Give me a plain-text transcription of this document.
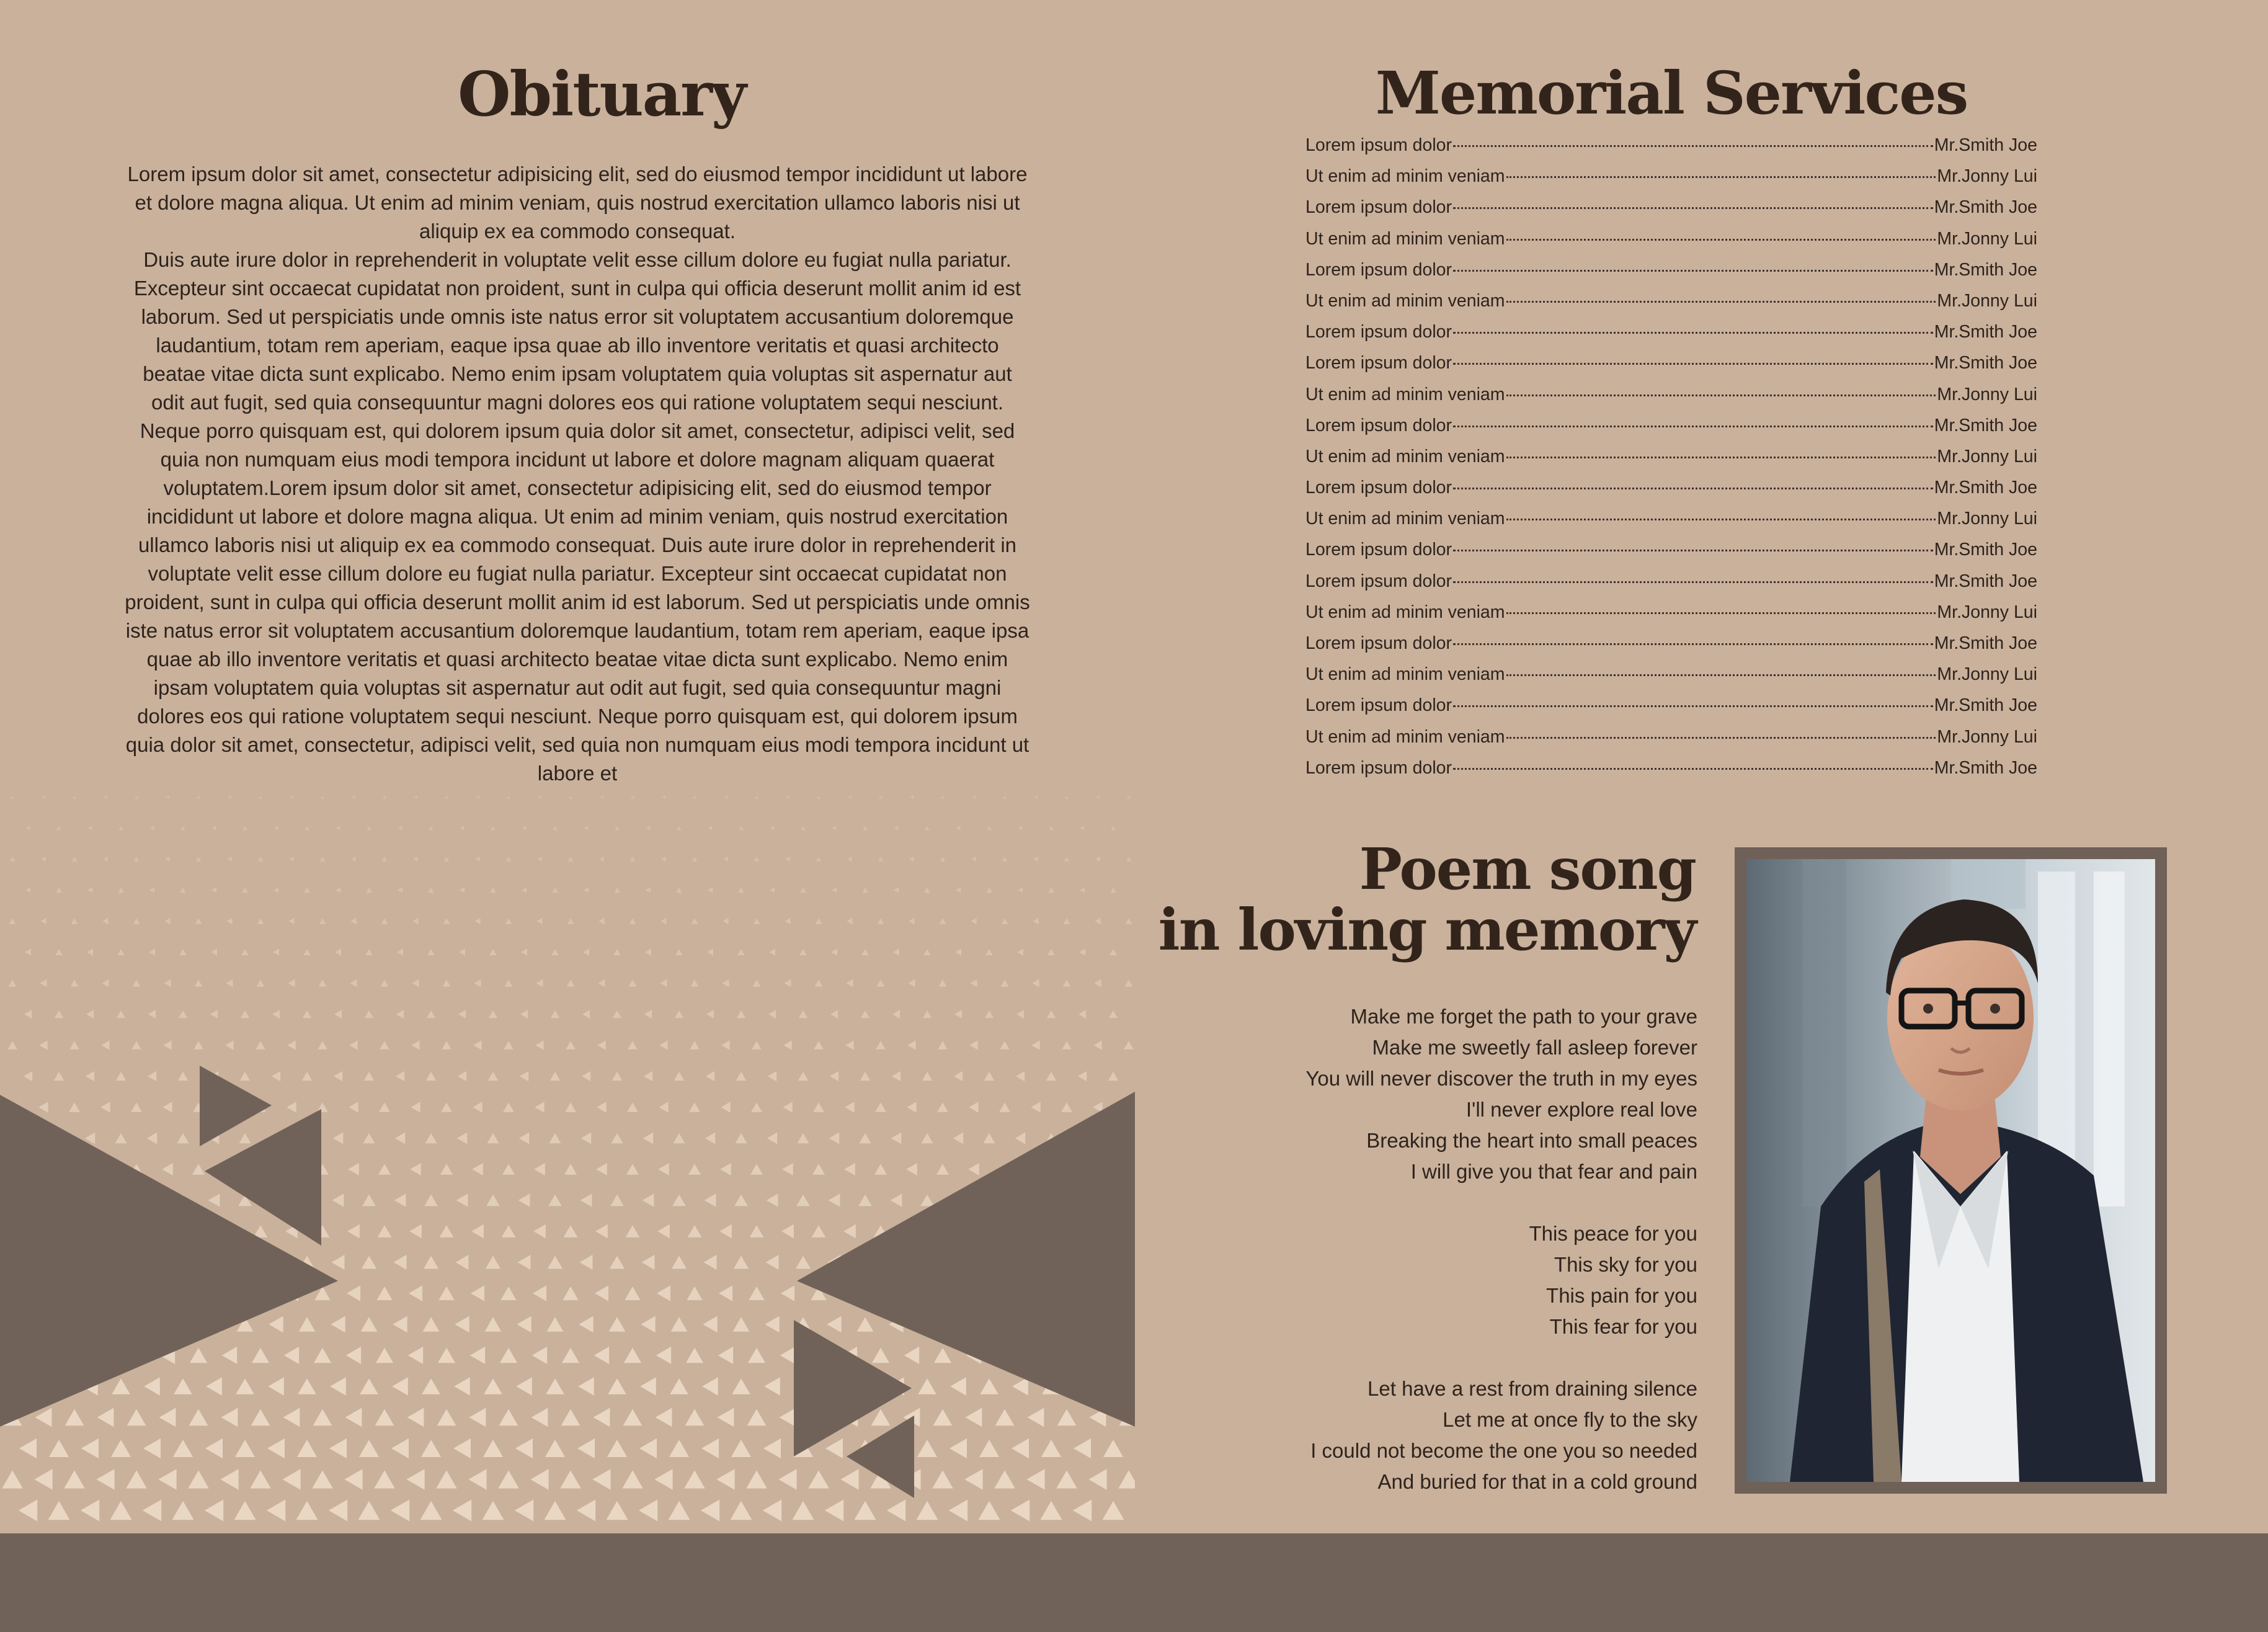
Obituary

Lorem ipsum dolor sit amet, consectetur adipisicing elit, sed do eiusmod tempor incididunt ut labore et dolore magna aliqua. Ut enim ad minim veniam, quis nostrud exercitation ullamco laboris nisi ut aliquip ex ea commodo consequat.

Duis aute irure dolor in reprehenderit in voluptate velit esse cillum dolore eu fugiat nulla pariatur. Excepteur sint occaecat cupidatat non proident, sunt in culpa qui officia deserunt mollit anim id est laborum. Sed ut perspiciatis unde omnis iste natus error sit voluptatem accusantium doloremque laudantium, totam rem aperiam, eaque ipsa quae ab illo inventore veritatis et quasi architecto beatae vitae dicta sunt explicabo. Nemo enim ipsam voluptatem quia voluptas sit aspernatur aut odit aut fugit, sed quia consequuntur magni dolores eos qui ratione voluptatem sequi nesciunt. Neque porro quisquam est, qui dolorem ipsum quia dolor sit amet, consectetur, adipisci velit, sed quia non numquam eius modi tempora incidunt ut labore et dolore magnam aliquam quaerat voluptatem.Lorem ipsum dolor sit amet, consectetur adipisicing elit, sed do eiusmod tempor incididunt ut labore et dolore magna aliqua. Ut enim ad minim veniam, quis nostrud exercitation ullamco laboris nisi ut aliquip ex ea commodo consequat. Duis aute irure dolor in reprehenderit in voluptate velit esse cillum dolore eu fugiat nulla pariatur. Excepteur sint occaecat cupidatat non proident, sunt in culpa qui officia deserunt mollit anim id est laborum. Sed ut perspiciatis unde omnis iste natus error sit voluptatem accusantium doloremque laudantium, totam rem aperiam, eaque ipsa quae ab illo inventore veritatis et quasi architecto beatae vitae dicta sunt explicabo. Nemo enim ipsam voluptatem quia voluptas sit aspernatur aut odit aut fugit, sed quia consequuntur magni dolores eos qui ratione voluptatem sequi nesciunt. Neque porro quisquam est, qui dolorem ipsum quia dolor sit amet, consectetur, adipisci velit, sed quia non numquam eius modi tempora incidunt ut labore et

Memorial Services
Lorem ipsum dolor	Mr.Smith Joe
Ut enim ad minim veniam	Mr.Jonny Lui
Lorem ipsum dolor	Mr.Smith Joe
Ut enim ad minim veniam	Mr.Jonny Lui
Lorem ipsum dolor	Mr.Smith Joe
Ut enim ad minim veniam	Mr.Jonny Lui
Lorem ipsum dolor	Mr.Smith Joe
Lorem ipsum dolor	Mr.Smith Joe
Ut enim ad minim veniam	Mr.Jonny Lui
Lorem ipsum dolor	Mr.Smith Joe
Ut enim ad minim veniam	Mr.Jonny Lui
Lorem ipsum dolor	Mr.Smith Joe
Ut enim ad minim veniam	Mr.Jonny Lui
Lorem ipsum dolor	Mr.Smith Joe
Lorem ipsum dolor	Mr.Smith Joe
Ut enim ad minim veniam	Mr.Jonny Lui
Lorem ipsum dolor	Mr.Smith Joe
Ut enim ad minim veniam	Mr.Jonny Lui
Lorem ipsum dolor	Mr.Smith Joe
Ut enim ad minim veniam	Mr.Jonny Lui
Lorem ipsum dolor	Mr.Smith Joe
Poem song
in loving memory
Make me forget the path to your grave
Make me sweetly fall asleep forever
You will never discover the truth in my eyes
I'll never explore real love
Breaking the heart into small peaces
I will give you that fear and pain
This peace for you
This sky for you
This pain for you
This fear for you
Let have a rest from draining silence
Let me at once fly to the sky
I could not become the one you so needed
And buried for that in a cold ground
